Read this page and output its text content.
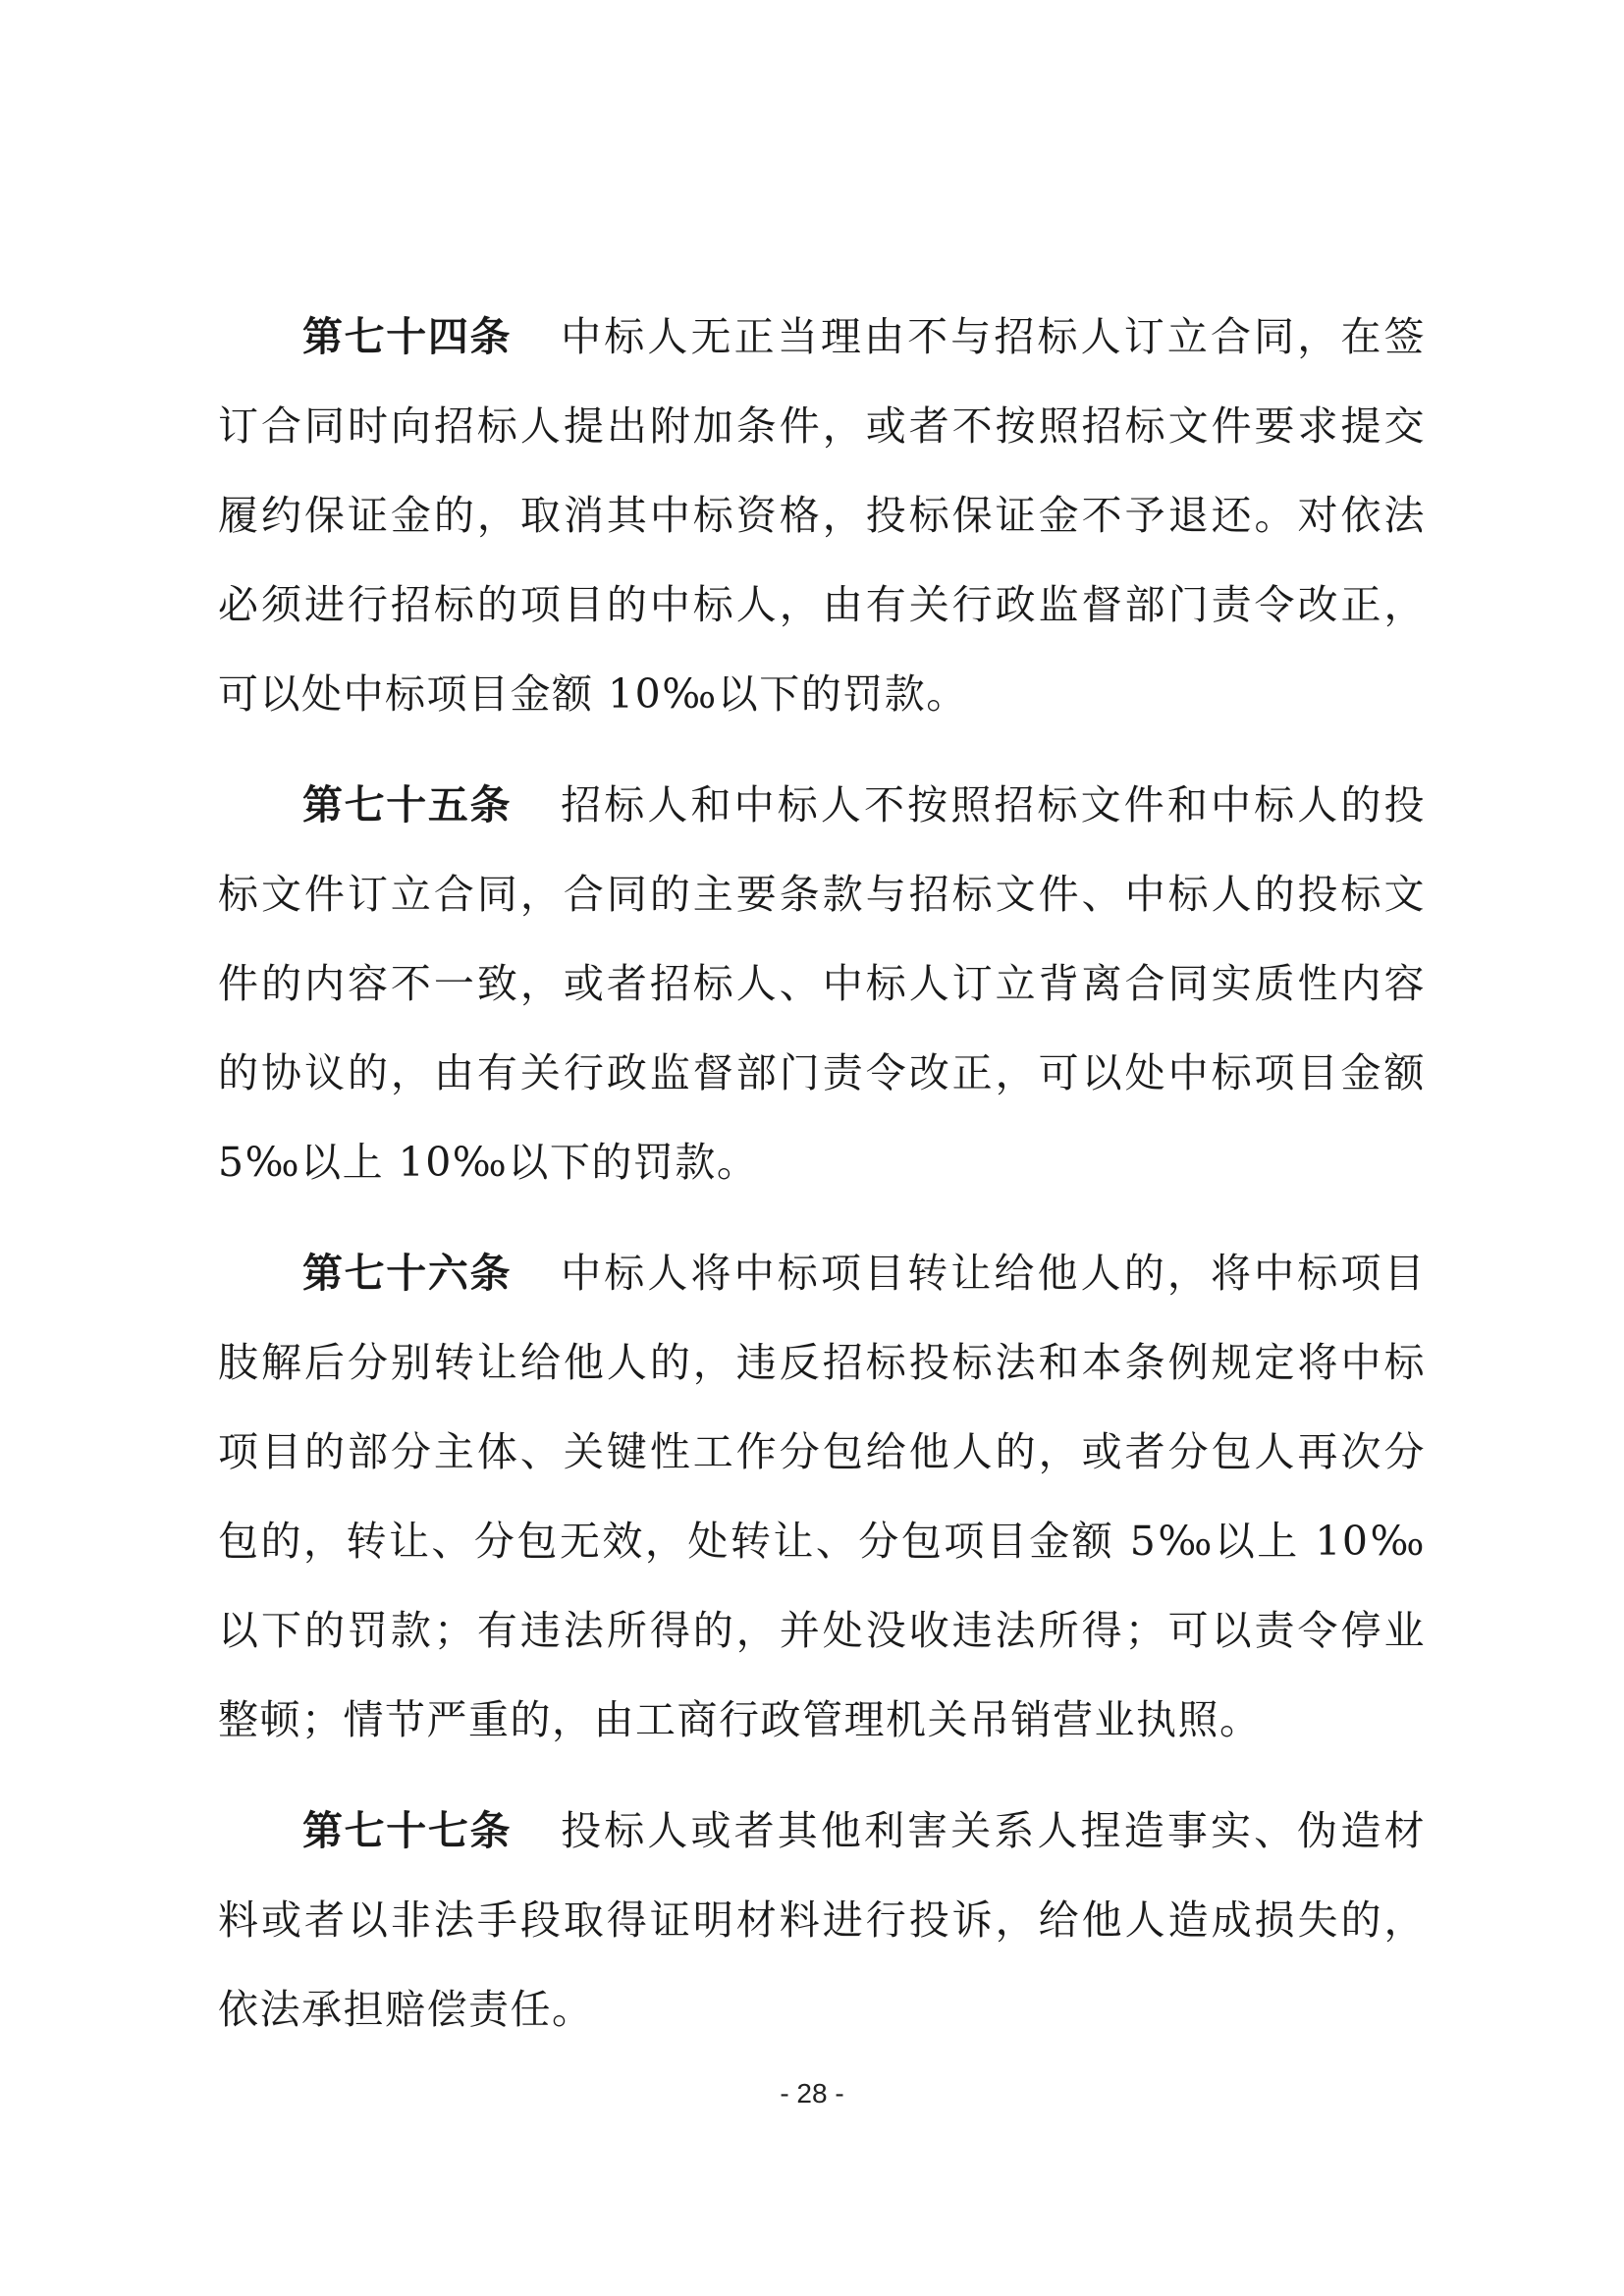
第七十四条 中标人无正当理由不与招标人订立合同，在签订合同时向招标人提出附加条件，或者不按照招标文件要求提交履约保证金的，取消其中标资格，投标保证金不予退还。对依法必须进行招标的项目的中标人，由有关行政监督部门责令改正，可以处中标项目金额 10‰以下的罚款。

第七十五条 招标人和中标人不按照招标文件和中标人的投标文件订立合同，合同的主要条款与招标文件、中标人的投标文件的内容不一致，或者招标人、中标人订立背离合同实质性内容的协议的，由有关行政监督部门责令改正，可以处中标项目金额 5‰以上 10‰以下的罚款。

第七十六条 中标人将中标项目转让给他人的，将中标项目肢解后分别转让给他人的，违反招标投标法和本条例规定将中标项目的部分主体、关键性工作分包给他人的，或者分包人再次分包的，转让、分包无效，处转让、分包项目金额 5‰以上 10‰以下的罚款；有违法所得的，并处没收违法所得；可以责令停业整顿；情节严重的，由工商行政管理机关吊销营业执照。

第七十七条 投标人或者其他利害关系人捏造事实、伪造材料或者以非法手段取得证明材料进行投诉，给他人造成损失的，依法承担赔偿责任。

- 28 -
